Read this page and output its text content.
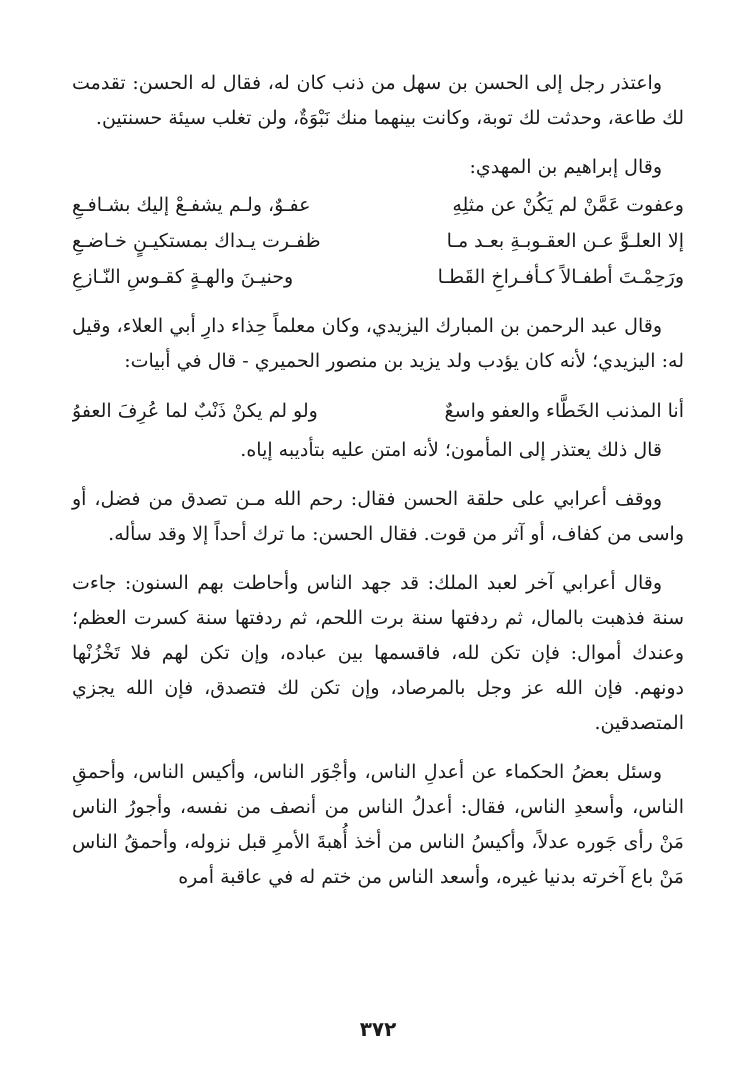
واعتذر رجل إلى الحسن بن سهل من ذنب كان له، فقال له الحسن: تقدمت لك طاعة، وحدثت لك توبة، وكانت بينهما منك نَبْوَةٌ، ولن تغلب سيئة حسنتين.

وقال إبراهيم بن المهدي:

وعفوت عَمَّنْ لم يَكُنْ عن مثلِهِ
عفـوٌ، ولـم يشفـعْ إليك بشـافـعِ
إلا العلـوَّ عـن العقـوبـةِ بعـد مـا
ظفـرت يـداك بمستكيـنٍ خـاضـعِ
ورَحِمْـتَ أطفـالاً كـأفـراخِ القَطـا
وحنيـنَ والهـةٍ كقـوسِ النّـازعِ

وقال عبد الرحمن بن المبارك اليزيدي، وكان معلماً حِذاء دارِ أبي العلاء، وقيل له: اليزيدي؛ لأنه كان يؤدب ولد يزيد بن منصور الحميري - قال في أبيات:

أنا المذنب الخَطَّاء والعفو واسعٌ
ولو لم يكنْ ذَنْبٌ لما عُرِفَ العفوُ

قال ذلك يعتذر إلى المأمون؛ لأنه امتن عليه بتأديبه إياه.

ووقف أعرابي على حلقة الحسن فقال: رحم الله مـن تصدق من فضل، أو واسى من كفاف، أو آثر من قوت. فقال الحسن: ما ترك أحداً إلا وقد سأله.

وقال أعرابي آخر لعبد الملك: قد جهد الناس وأحاطت بهم السنون: جاءت سنة فذهبت بالمال، ثم ردفتها سنة برت اللحم، ثم ردفتها سنة كسرت العظم؛ وعندك أموال: فإن تكن لله، فاقسمها بين عباده، وإن تكن لهم فلا تَخْزُنْها دونهم. فإن الله عز وجل بالمرصاد، وإن تكن لك فتصدق، فإن الله يجزي المتصدقين.

وسئل بعضُ الحكماء عن أعدلِ الناس، وأجْوَر الناس، وأكيس الناس، وأحمقِ الناس، وأسعدِ الناس، فقال: أعدلُ الناس من أنصف من نفسه، وأجورُ الناس مَنْ رأى جَوره عدلاً، وأكيسُ الناس من أخذ أُهبةَ الأمرِ قبل نزوله، وأحمقُ الناس مَنْ باع آخرته بدنيا غيره، وأسعد الناس من ختم له في عاقبة أمره

٣٧٢
